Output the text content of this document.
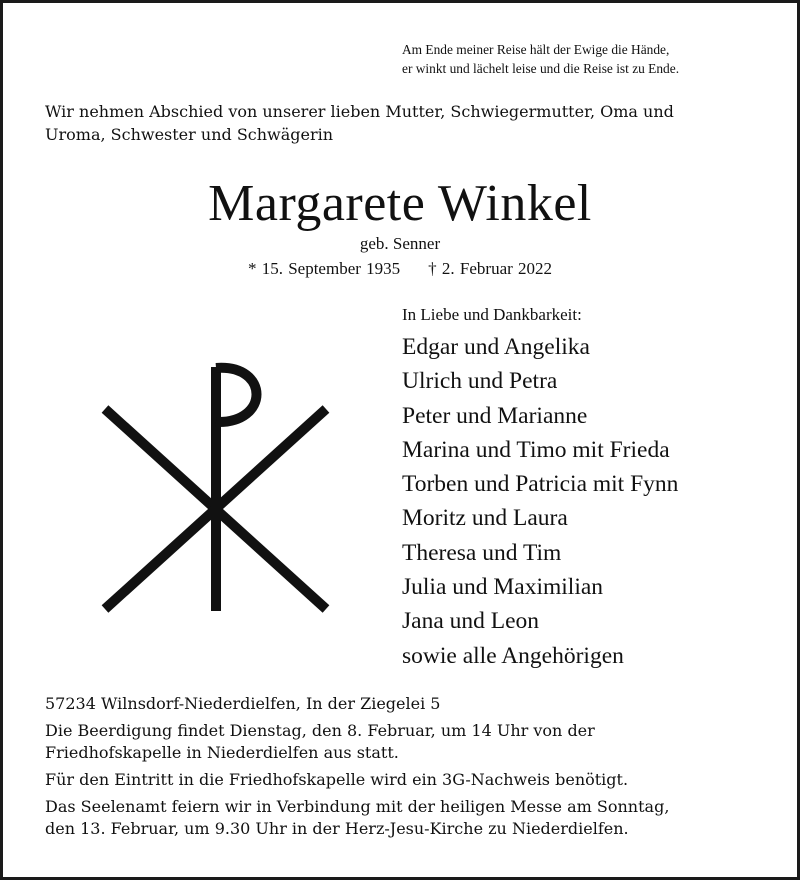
Am Ende meiner Reise hält der Ewige die Hände,
er winkt und lächelt leise und die Reise ist zu Ende.
Wir nehmen Abschied von unserer lieben Mutter, Schwiegermutter, Oma und
Uroma, Schwester und Schwägerin
Margarete Winkel
geb. Senner
* 15. September 1935 † 2. Februar 2022
In Liebe und Dankbarkeit:
Edgar und Angelika
Ulrich und Petra
Peter und Marianne
Marina und Timo mit Frieda
Torben und Patricia mit Fynn
Moritz und Laura
Theresa und Tim
Julia und Maximilian
Jana und Leon
sowie alle Angehörigen
57234 Wilnsdorf-Niederdielfen, In der Ziegelei 5
Die Beerdigung findet Dienstag, den 8. Februar, um 14 Uhr von der
Friedhofskapelle in Niederdielfen aus statt.
Für den Eintritt in die Friedhofskapelle wird ein 3G-Nachweis benötigt.
Das Seelenamt feiern wir in Verbindung mit der heiligen Messe am Sonntag,
den 13. Februar, um 9.30 Uhr in der Herz-Jesu-Kirche zu Niederdielfen.
